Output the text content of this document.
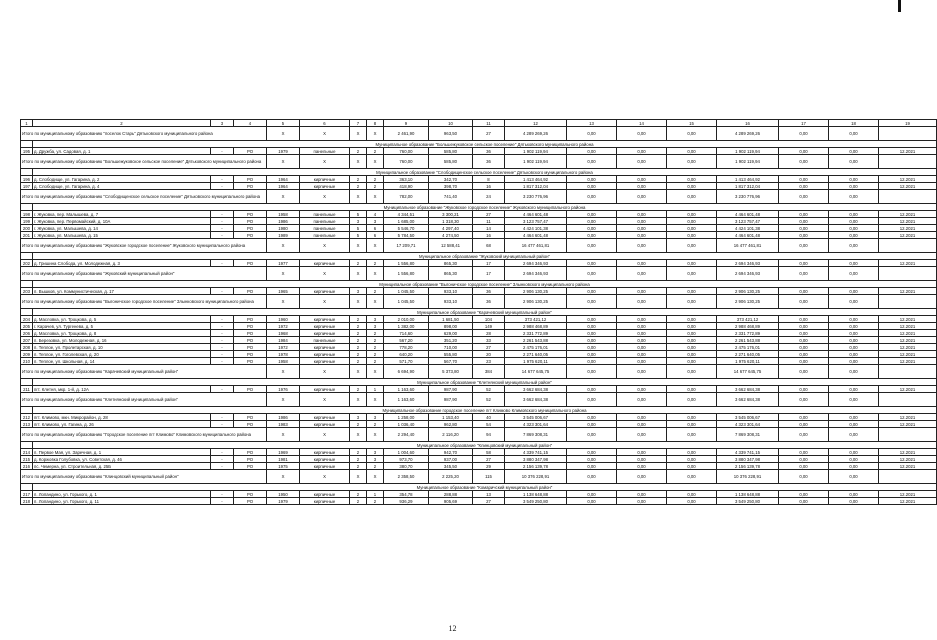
1	2	3	4	5	6	7	8	9	10	11	12	13	14	15	16	17	18	19
Итого по муниципальному образованию "поселок Старь" Дятьковского муниципального района				X	X	X	X	2 461,90	963,50	27	4 289 269,26	0,00	0,00	0,00	4 289 269,26	0,00	0,00	
	Муниципальное образование "Большежуковское сельское поселение" Дятьковского муниципального района																	
195	д. Дружба, ул. Садовая, д. 1	-	РО	1979	панельные	2	2	760,00	585,80	36	1 902 119,94	0,00	0,00	0,00	1 902 119,94	0,00	0,00	12.2021
Итого по муниципальному образованию "Большежуковское сельское поселение" Дятьковского муниципального района				X	X	X	X	760,00	585,80	36	1 902 119,94	0,00	0,00	0,00	1 902 119,94	0,00	0,00	
	Муниципальное образование "Слободищенское сельское поселение" Дятьковского муниципального района																	
196	д. Слободище, ул. Гагарина, д. 2	-	РО	1964	кирпичные	2	2	363,10	342,70	8	1 413 464,92	0,00	0,00	0,00	1 413 464,92	0,00	0,00	12.2021
197	д. Слободище, ул. Гагарина, д. 4	-	РО	1964	кирпичные	2	2	418,90	398,70	16	1 817 312,04	0,00	0,00	0,00	1 817 312,04	0,00	0,00	12.2021
Итого по муниципальному образованию "Слободищенское сельское поселение" Дятьковского муниципального района				X	X	X	X	782,00	741,40	24	3 230 776,96	0,00	0,00	0,00	3 230 776,96	0,00	0,00	
	Муниципальное образование "Жуковское городское поселение" Жуковского муниципального района																	
198	г. Жуковка, пер. Малышева, д. 7	-	РО	1958	панельные	5	4	4 344,51	3 300,21	27	4 464 601,48	0,00	0,00	0,00	4 464 601,48	0,00	0,00	12.2021
199	г. Жуковка, пер. Первомайский, д. 10А	-	РО	1986	панельные	3	3	1 685,00	1 318,30	11	3 123 757,47	0,00	0,00	0,00	3 123 757,47	0,00	0,00	12.2021
200	г. Жуковка, ул. Малышева, д. 14	-	РО	1980	панельные	5	6	5 546,70	4 297,40	14	4 424 101,38	0,00	0,00	0,00	4 424 101,38	0,00	0,00	12.2021
201	г. Жуковка, ул. Малышева, д. 15	-	РО	1989	панельные	5	6	5 784,50	4 274,50	16	4 464 601,48	0,00	0,00	0,00	4 464 601,48	0,00	0,00	12.2021
Итого по муниципальному образованию "Жуковское городское поселение" Жуковского муниципального района				X	X	X	X	17 209,71	12 588,41	68	16 477 461,81	0,00	0,00	0,00	16 477 461,81	0,00	0,00	
	Муниципальное образование "Жуковский муниципальный район"																	
202	д. Гришина Слобода, ул. Молодежная, д. 3	-	РО	1977	кирпичные	2	2	1 556,80	865,30	17	2 694 346,93	0,00	0,00	0,00	2 694 346,93	0,00	0,00	12.2021
Итого по муниципальному образованию "Жуковский муниципальный район"				X	X	X	X	1 556,80	865,30	17	2 694 346,93	0,00	0,00	0,00	2 694 346,93	0,00	0,00	
	Муниципальное образование "Выгоничское городское поселение" Злынковского муниципального района																	
203	п. Вышков, ул. Коммунистическая, д. 17	-	РО	1965	кирпичные	3	2	1 045,50	933,10	36	2 906 130,25	0,00	0,00	0,00	2 906 130,25	0,00	0,00	12.2021
Итого по муниципальному образованию "Выгоничское городское поселение" Злынковского муниципального района				X	X	X	X	1 045,50	933,10	36	2 906 130,25	0,00	0,00	0,00	2 906 130,25	0,00	0,00	
	Муниципальное образование "Карачевский муниципальный район"																	
204	д. Масловка, ул. Троцкова, д. 5	-	РО	1960	кирпичные	2	3	2 010,00	1 681,50	104	373 421,12	0,00	0,00	0,00	373 421,12	0,00	0,00	12.2021
205	г. Карачев, ул. Тургенева, д. 5	-	РО	1972	кирпичные	2	3	1 382,00	898,00	149	2 988 468,89	0,00	0,00	0,00	2 988 468,89	0,00	0,00	12.2021
206	д. Масловка, ул. Троцкова, д. 8	-	РО	1968	кирпичные	2	2	714,60	629,00	28	2 331 772,89	0,00	0,00	0,00	2 331 772,89	0,00	0,00	12.2021
207	п. Березовка, ул. Молодежная, д. 16	-	РО	1984	панельные	2	2	567,20	351,20	33	2 261 543,88	0,00	0,00	0,00	2 261 543,88	0,00	0,00	12.2021
208	п. Теплое, ул. Пролетарская, д. 10	-	РО	1972	кирпичные	2	2	778,20	710,00	27	2 475 176,01	0,00	0,00	0,00	2 475 176,01	0,00	0,00	12.2021
209	п. Теплое, ул. Гоголевская, д. 20	-	РО	1978	кирпичные	2	2	640,20	555,80	20	2 271 640,05	0,00	0,00	0,00	2 271 640,05	0,00	0,00	12.2021
210	п. Теплое, ул. Школьная, д. 14	-	РО	1958	кирпичные	2	2	571,70	567,70	23	1 975 620,11	0,00	0,00	0,00	1 975 620,11	0,00	0,00	12.2021
Итого по муниципальному образованию "Карачевский муниципальный район"				X	X	X	X	6 694,90	5 373,80	384	14 677 645,75	0,00	0,00	0,00	14 677 645,75	0,00	0,00	
	Муниципальное образование "Клетнянский муниципальный район"																	
211	пгт. Клетня, мкр. 1-й, д. 12А	-	РО	1976	кирпичные	2	1	1 163,60	987,90	52	3 662 684,38	0,00	0,00	0,00	3 662 684,38	0,00	0,00	12.2021
Итого по муниципальному образованию "Клетнянский муниципальный район"				X	X	X	X	1 163,60	987,90	52	3 662 684,38	0,00	0,00	0,00	3 662 684,38	0,00	0,00	
	Муниципальное образование городское поселение пгт Климово Климовского муниципального района																	
212	пгт. Климово, мкн. Микрорайон, д. 28	-	РО	1986	кирпичные	3	3	1 258,00	1 153,40	40	3 545 006,67	0,00	0,00	0,00	3 545 006,67	0,00	0,00	12.2021
213	пгт. Климово, ул. Гагина, д. 26	-	РО	1983	кирпичные	2	2	1 036,40	962,80	54	4 323 301,64	0,00	0,00	0,00	4 323 301,64	0,00	0,00	12.2021
Итого по муниципальному образованию "Городское поселение пгт Климово" Климовского муниципального района				X	X	X	X	2 294,40	2 116,20	94	7 869 308,31	0,00	0,00	0,00	7 869 308,31	0,00	0,00	
	Муниципальное образование "Клинцовский муниципальный район"																	
214	п. Первое Мая, ул. Заречная, д. 1	-	РО	1969	кирпичные	2	3	1 004,60	942,70	58	4 339 741,15	0,00	0,00	0,00	4 339 741,15	0,00	0,00	12.2021
215	д. Коржовка Голубовка, ул. Советская, д. 46	-	РО	1981	кирпичные	2	3	973,70	937,00	27	3 880 347,98	0,00	0,00	0,00	3 880 347,98	0,00	0,00	12.2021
216	пс. Чемерна, ул. Строительная, д. 25Б	-	РО	1975	кирпичные	2	2	380,70	345,50	29	2 156 139,78	0,00	0,00	0,00	2 156 139,78	0,00	0,00	12.2021
Итого по муниципальному образованию "Клинцовский муниципальный район"				X	X	X	X	2 358,50	2 225,20	115	10 376 228,91	0,00	0,00	0,00	10 376 228,91	0,00	0,00	
	Муниципальное образование "Комаричский муниципальный район"																	
217	п. Лопандино, ул. Горького, д. 1	-	РО	1950	кирпичные	2	1	354,78	288,88	13	1 138 648,88	0,00	0,00	0,00	1 138 648,88	0,00	0,00	12.2021
218	п. Лопандино, ул. Горького, д. 11	-	РО	1979	кирпичные	2	2	936,29	905,69	27	3 549 250,80	0,00	0,00	0,00	3 549 250,80	0,00	0,00	12.2021
12
